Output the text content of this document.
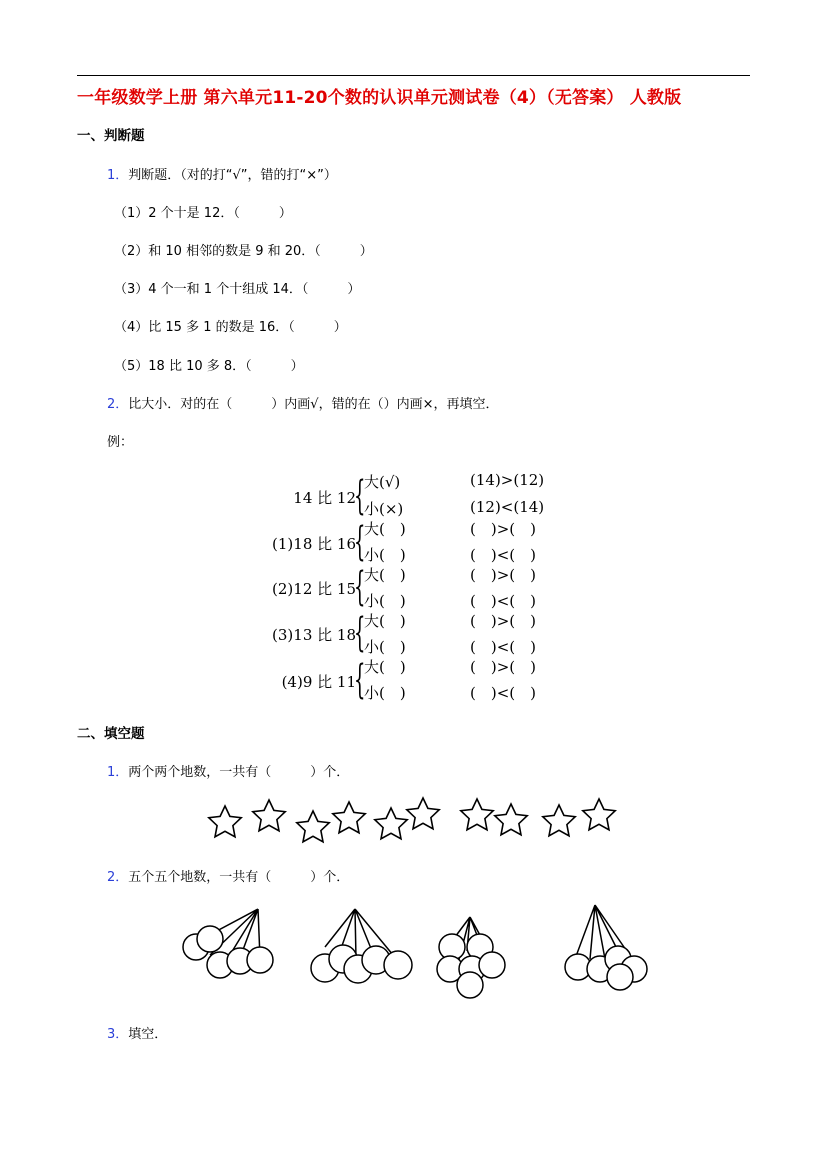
一年级数学上册 第六单元11-20个数的认识单元测试卷（4）（无答案） 人教版
一、判断题
1．判断题．（对的打“√”，错的打“×”）
（1）2 个十是 12．（　　　）
（2）和 10 相邻的数是 9 和 20．（　　　）
（3）4 个一和 1 个十组成 14．（　　　）
（4）比 15 多 1 的数是 16．（　　　）
（5）18 比 10 多 8．（　　　）
2．比大小．对的在（　　　）内画√，错的在（）内画×，再填空．
例：
14 比 12
{
大(√)
小(×)
(14)>(12)
(12)<(14)
(1)18 比 16
{
大(　)
小(　)
(　)>(　)
(　)<(　)
(2)12 比 15
{
大(　)
小(　)
(　)>(　)
(　)<(　)
(3)13 比 18
{
大(　)
小(　)
(　)>(　)
(　)<(　)
(4)9 比 11
{
大(　)
小(　)
(　)>(　)
(　)<(　)
二、填空题
1．两个两个地数，一共有（　　　）个．
2．五个五个地数，一共有（　　　）个．
3．填空．
